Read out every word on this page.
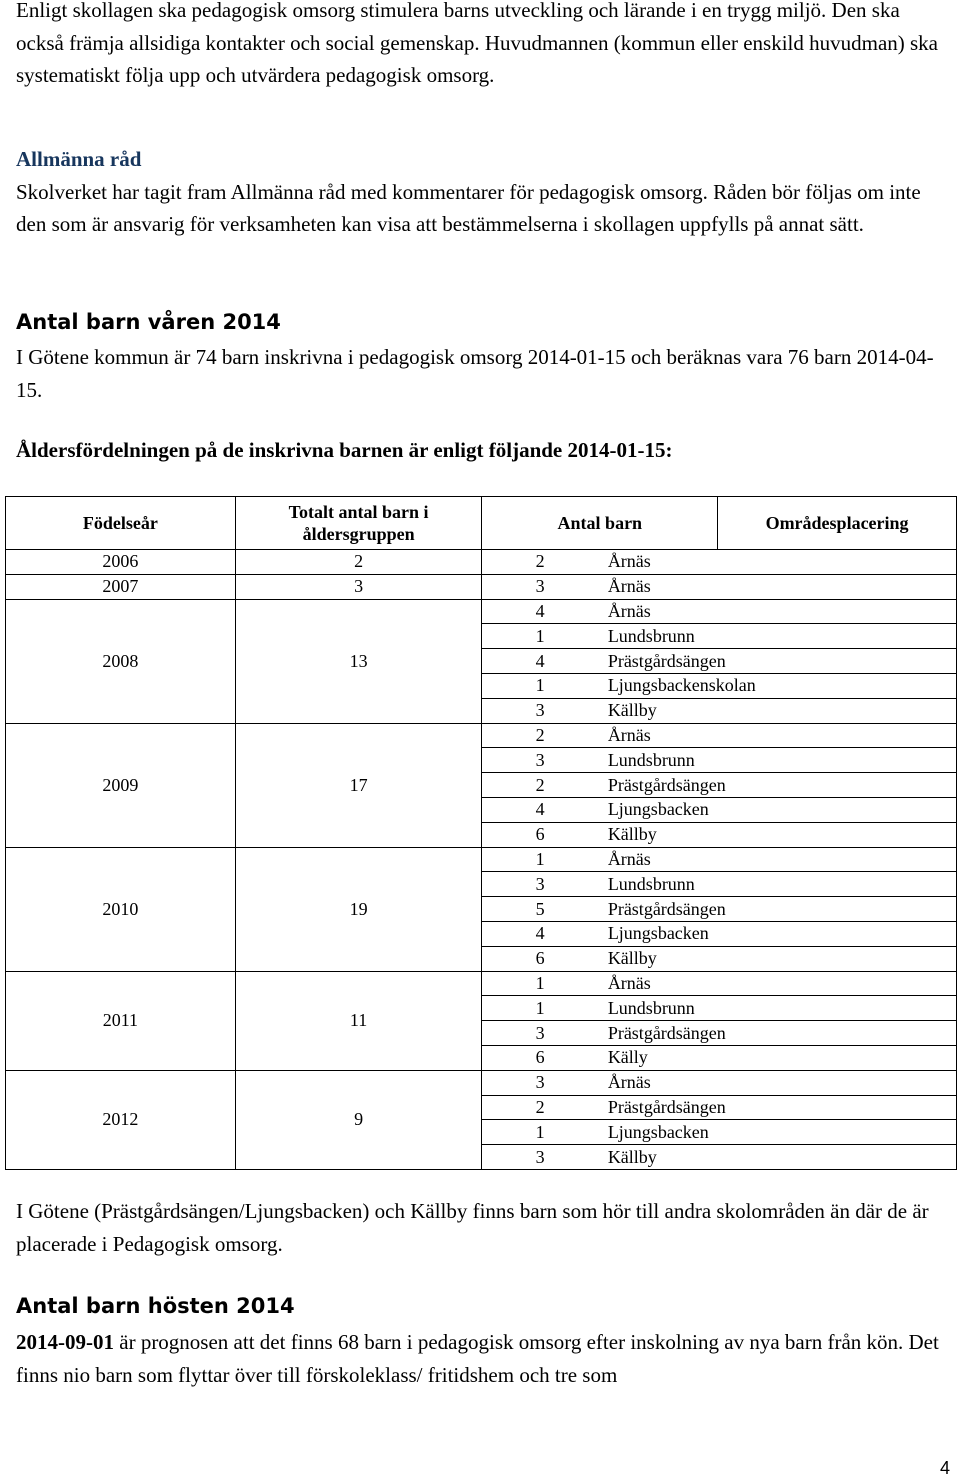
Enligt skollagen ska pedagogisk omsorg stimulera barns utveckling och lärande i en trygg miljö. Den ska också främja allsidiga kontakter och social gemenskap. Huvudmannen (kommun eller enskild huvudman) ska systematiskt följa upp och utvärdera pedagogisk omsorg.

Allmänna råd
Skolverket har tagit fram Allmänna råd med kommentarer för pedagogisk omsorg. Råden bör följas om inte den som är ansvarig för verksamheten kan visa att bestämmelserna i skollagen uppfylls på annat sätt.

Antal barn våren 2014

I Götene kommun är 74 barn inskrivna i pedagogisk omsorg 2014-01-15 och beräknas vara 76 barn 2014-04-15.

Åldersfördelningen på de inskrivna barnen är enligt följande 2014-01-15:

Födelseår	Totalt antal barn i åldersgruppen	Antal barn		Områdesplacering
2006	2	2	Årnäs	
2007	3	3	Årnäs	
2008	13	4	Årnäs	
		1	Lundsbrunn	
		4	Prästgårdsängen	
		1	Ljungsbackenskolan	
		3	Källby	
2009	17	2	Årnäs	
		3	Lundsbrunn	
		2	Prästgårdsängen	
		4	Ljungsbacken	
		6	Källby	
2010	19	1	Årnäs	
		3	Lundsbrunn	
		5	Prästgårdsängen	
		4	Ljungsbacken	
		6	Källby	
2011	11	1	Årnäs	
		1	Lundsbrunn	
		3	Prästgårdsängen	
		6	Källy	
2012	9	3	Årnäs	
		2	Prästgårdsängen	
		1	Ljungsbacken	
		3	Källby	

I Götene (Prästgårdsängen/Ljungsbacken) och Källby finns barn som hör till andra skolområden än där de är placerade i Pedagogisk omsorg.

Antal barn hösten 2014

2014-09-01 är prognosen att det finns 68 barn i pedagogisk omsorg efter inskolning av nya barn från kön. Det finns nio barn som flyttar över till förskoleklass/ fritidshem och tre som

4
